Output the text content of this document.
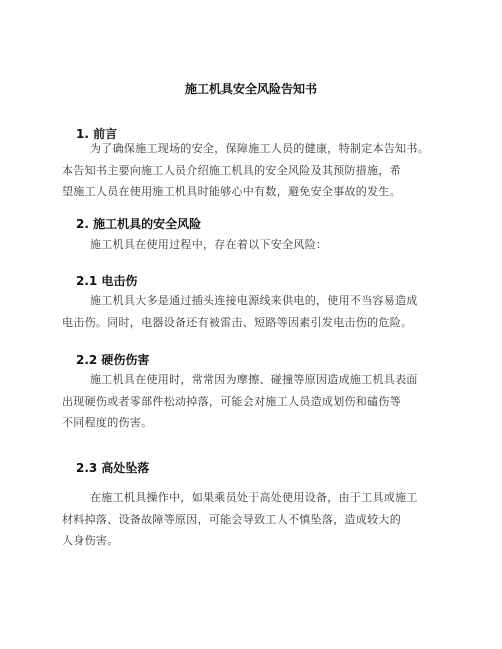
施工机具安全风险告知书
1. 前言
为了确保施工现场的安全，保障施工人员的健康，特制定本告知书。
本告知书主要向施工人员介绍施工机具的安全风险及其预防措施，希
望施工人员在使用施工机具时能够心中有数，避免安全事故的发生。
2. 施工机具的安全风险
施工机具在使用过程中，存在着以下安全风险：
2.1 电击伤
施工机具大多是通过插头连接电源线来供电的，使用不当容易造成
电击伤。同时，电器设备还有被雷击、短路等因素引发电击伤的危险。
2.2 硬伤伤害
施工机具在使用时，常常因为摩擦、碰撞等原因造成施工机具表面
出现硬伤或者零部件松动掉落，可能会对施工人员造成划伤和磕伤等
不同程度的伤害。
2.3 高处坠落
在施工机具操作中，如果乘员处于高处使用设备，由于工具或施工
材料掉落、设备故障等原因，可能会导致工人不慎坠落，造成较大的
人身伤害。
